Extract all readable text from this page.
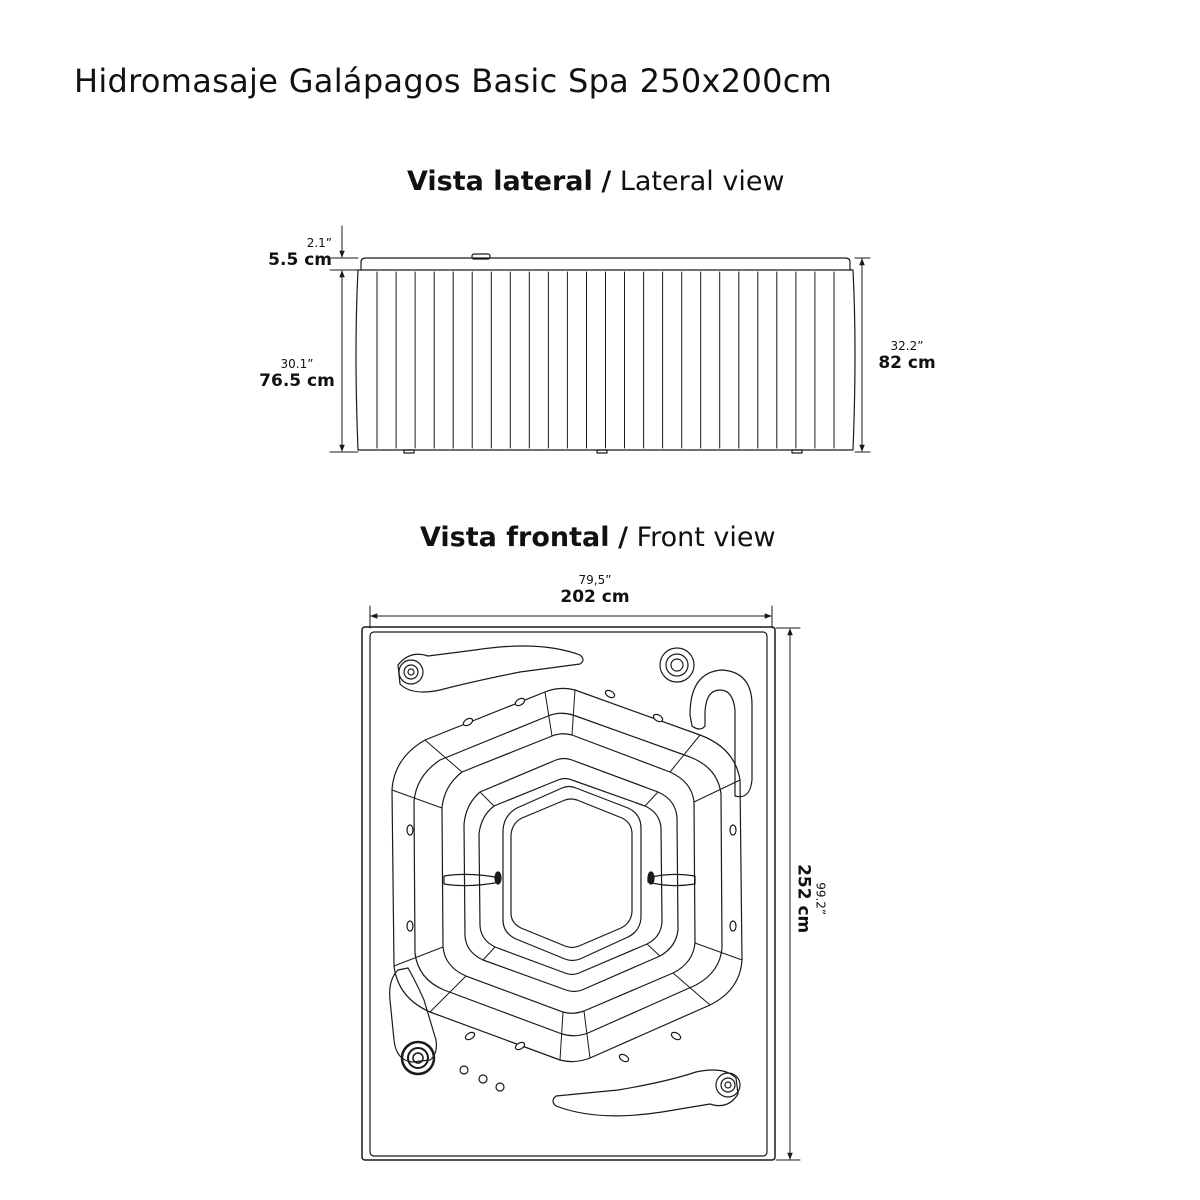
Hidromasaje Galápagos Basic Spa 250x200cm
Vista lateral / Lateral view
Vista frontal / Front view
2.1”
5.5 cm
30.1”
76.5 cm
32.2”
82 cm
79,5”
202 cm
99.2”
252 cm
